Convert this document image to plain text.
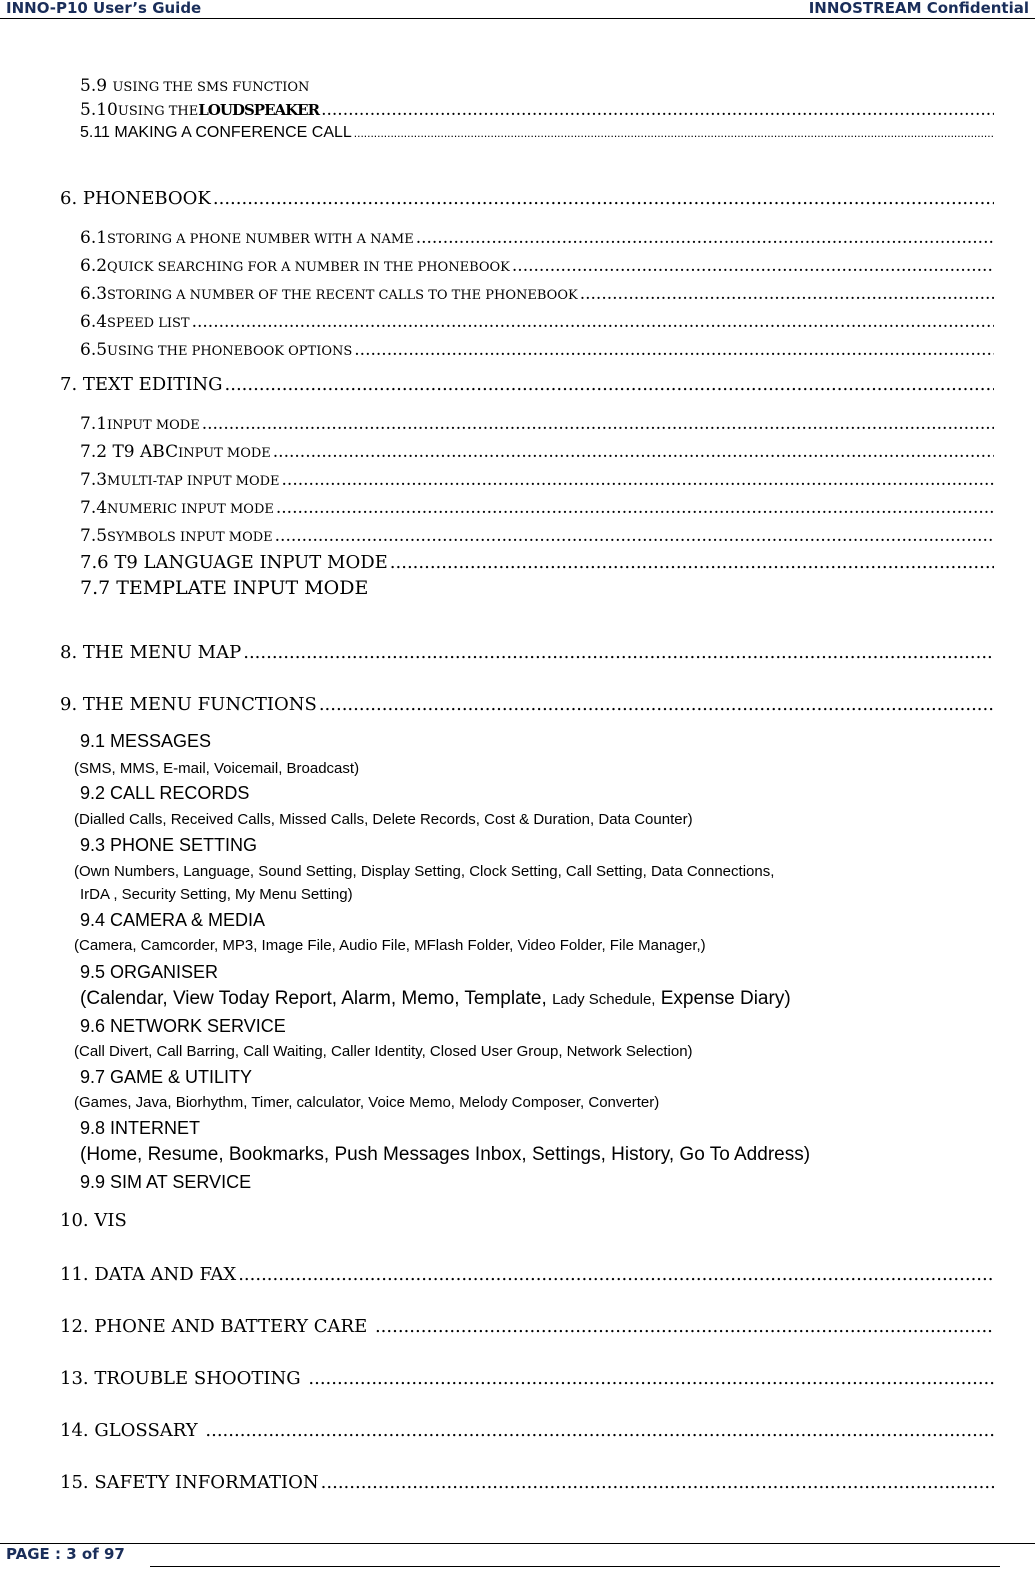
INNO-P10 User’s Guide	INNOSTREAM Confidential
5.9 USING THE SMS FUNCTION
5.10 USING THE LOUDSPEAKER
.....
5.11 MAKING A CONFERENCE CALL
.....
6. PHONEBOOK
.....
6.1 STORING A PHONE NUMBER WITH A NAME
.....
6.2 QUICK SEARCHING FOR A NUMBER IN THE PHONEBOOK
.....
6.3 STORING A NUMBER OF THE RECENT CALLS TO THE PHONEBOOK
.....
6.4 SPEED LIST
.....
6.5 USING THE PHONEBOOK OPTIONS
.....
7. TEXT EDITING
.....
7.1 INPUT MODE
.....
7.2 T9 ABC INPUT MODE
.....
7.3 MULTI-TAP INPUT MODE
.....
7.4 NUMERIC INPUT MODE
.....
7.5 SYMBOLS INPUT MODE
.....
7.6 T9 LANGUAGE INPUT MODE
.....
7.7 TEMPLATE INPUT MODE
8. THE MENU MAP
.....
9. THE MENU FUNCTIONS
.....
9.1 MESSAGES
(SMS, MMS, E-mail, Voicemail, Broadcast)
9.2 CALL RECORDS
(Dialled Calls, Received Calls, Missed Calls, Delete Records, Cost & Duration, Data Counter)
9.3 PHONE SETTING
(Own Numbers, Language, Sound Setting, Display Setting, Clock Setting, Call Setting, Data Connections,
IrDA , Security Setting, My Menu Setting)
9.4 CAMERA & MEDIA
(Camera, Camcorder, MP3, Image File, Audio File, MFlash Folder, Video Folder, File Manager,)
9.5 ORGANISER
(Calendar, View Today Report, Alarm, Memo, Template, Lady Schedule, Expense Diary)
9.6 NETWORK SERVICE
(Call Divert, Call Barring, Call Waiting, Caller Identity, Closed User Group, Network Selection)
9.7 GAME & UTILITY
(Games, Java, Biorhythm, Timer, calculator, Voice Memo, Melody Composer, Converter)
9.8 INTERNET
(Home, Resume, Bookmarks, Push Messages Inbox, Settings, History, Go To Address)
9.9 SIM AT SERVICE
10. VIS
11. DATA AND FAX
.....
12. PHONE AND BATTERY CARE
.....
13. TROUBLE SHOOTING
.....
14. GLOSSARY
.....
15. SAFETY INFORMATION
.....
PAGE : 3 of 97
